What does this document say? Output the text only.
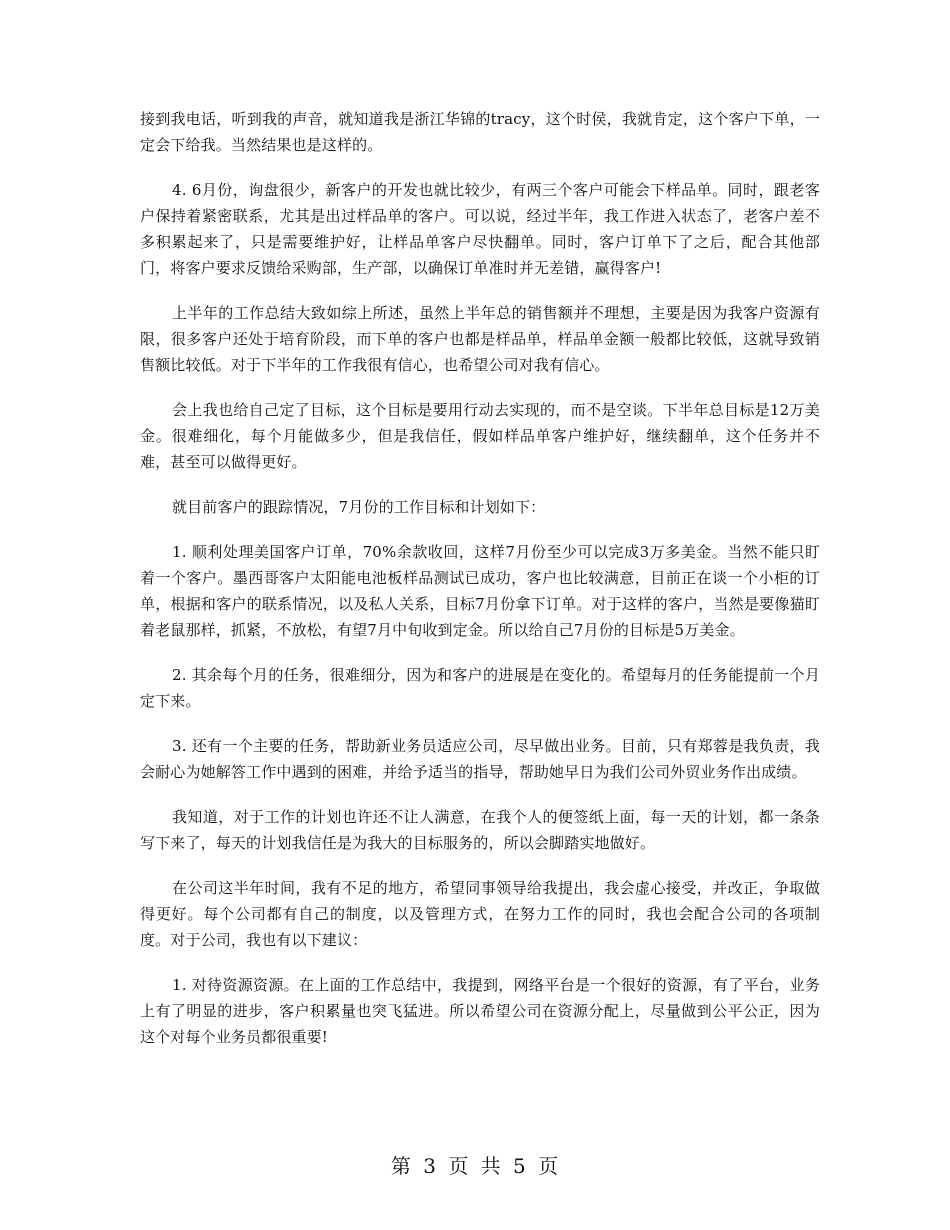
接到我电话，听到我的声音，就知道我是浙江华锦的tracy，这个时侯，我就肯定，这个客户下单，一定会下给我。当然结果也是这样的。

4. 6月份，询盘很少，新客户的开发也就比较少，有两三个客户可能会下样品单。同时，跟老客户保持着紧密联系，尤其是出过样品单的客户。可以说，经过半年，我工作进入状态了，老客户差不多积累起来了，只是需要维护好，让样品单客户尽快翻单。同时，客户订单下了之后，配合其他部门，将客户要求反馈给采购部，生产部，以确保订单准时并无差错，赢得客户!

上半年的工作总结大致如综上所述，虽然上半年总的销售额并不理想，主要是因为我客户资源有限，很多客户还处于培育阶段，而下单的客户也都是样品单，样品单金额一般都比较低，这就导致销售额比较低。对于下半年的工作我很有信心，也希望公司对我有信心。

会上我也给自己定了目标，这个目标是要用行动去实现的，而不是空谈。下半年总目标是12万美金。很难细化，每个月能做多少，但是我信任，假如样品单客户维护好，继续翻单，这个任务并不难，甚至可以做得更好。

就目前客户的跟踪情况，7月份的工作目标和计划如下：

1. 顺利处理美国客户订单，70%余款收回，这样7月份至少可以完成3万多美金。当然不能只盯着一个客户。墨西哥客户太阳能电池板样品测试已成功，客户也比较满意，目前正在谈一个小柜的订单，根据和客户的联系情况，以及私人关系，目标7月份拿下订单。对于这样的客户，当然是要像猫盯着老鼠那样，抓紧，不放松，有望7月中旬收到定金。所以给自己7月份的目标是5万美金。

2. 其余每个月的任务，很难细分，因为和客户的进展是在变化的。希望每月的任务能提前一个月定下来。

3. 还有一个主要的任务，帮助新业务员适应公司，尽早做出业务。目前，只有郑蓉是我负责，我会耐心为她解答工作中遇到的困难，并给予适当的指导，帮助她早日为我们公司外贸业务作出成绩。

我知道，对于工作的计划也许还不让人满意，在我个人的便签纸上面，每一天的计划，都一条条写下来了，每天的计划我信任是为我大的目标服务的，所以会脚踏实地做好。

在公司这半年时间，我有不足的地方，希望同事领导给我提出，我会虚心接受，并改正，争取做得更好。每个公司都有自己的制度，以及管理方式，在努力工作的同时，我也会配合公司的各项制度。对于公司，我也有以下建议：

1. 对待资源资源。在上面的工作总结中，我提到，网络平台是一个很好的资源，有了平台，业务上有了明显的进步，客户积累量也突飞猛进。所以希望公司在资源分配上，尽量做到公平公正，因为这个对每个业务员都很重要!

第 3 页 共 5 页
